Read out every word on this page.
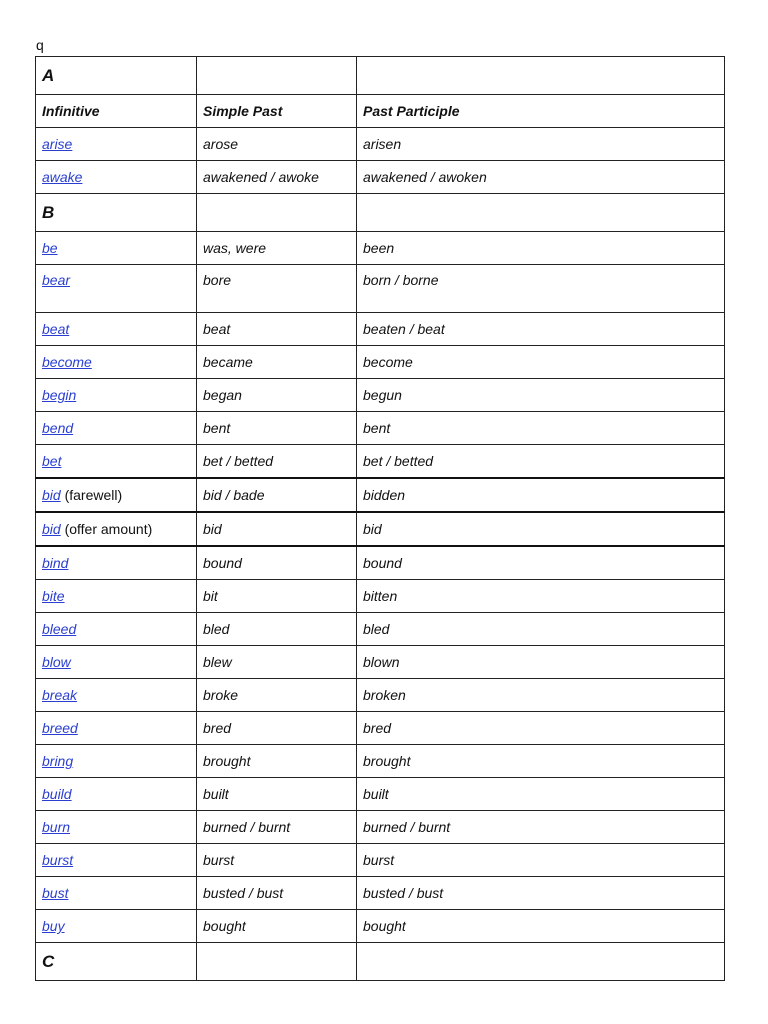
q
A		
Infinitive	Simple Past	Past Participle
arise	arose	arisen
awake	awakened / awoke	awakened / awoken
B		
be	was, were	been
bear	bore	born / borne
beat	beat	beaten / beat
become	became	become
begin	began	begun
bend	bent	bent
bet	bet / betted	bet / betted
bid (farewell)	bid / bade	bidden
bid (offer amount)	bid	bid
bind	bound	bound
bite	bit	bitten
bleed	bled	bled
blow	blew	blown
break	broke	broken
breed	bred	bred
bring	brought	brought
build	built	built
burn	burned / burnt	burned / burnt
burst	burst	burst
bust	busted / bust	busted / bust
buy	bought	bought
C		
